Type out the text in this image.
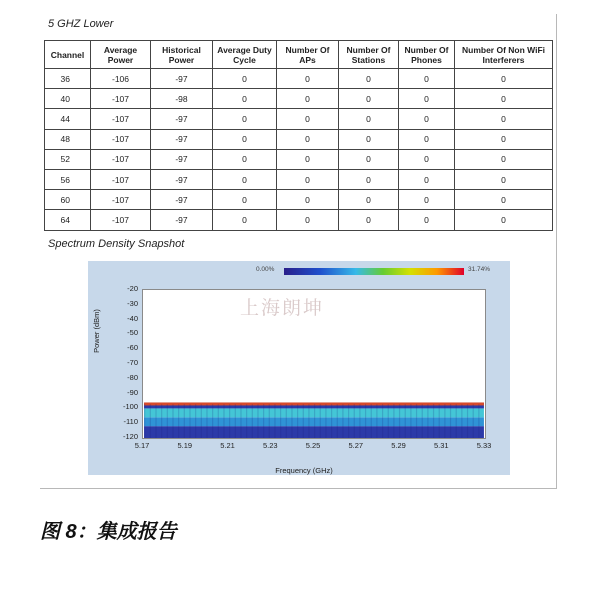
5 GHZ Lower
Channel	Average Power	Historical Power	Average Duty Cycle	Number Of APs	Number Of Stations	Number Of Phones	Number Of Non WiFi Interferers
36	-106	-97	0	0	0	0	0
40	-107	-98	0	0	0	0	0
44	-107	-97	0	0	0	0	0
48	-107	-97	0	0	0	0	0
52	-107	-97	0	0	0	0	0
56	-107	-97	0	0	0	0	0
60	-107	-97	0	0	0	0	0
64	-107	-97	0	0	0	0	0
Spectrum Density Snapshot
0.00%	31.74%
Power (dBm)
Frequency (GHz)
-20
-30
-40
-50
-60
-70
-80
-90
-100
-110
-120
5.17	5.19	5.21	5.23	5.25	5.27	5.29	5.31	5.33
上海朗坤
图 8：集成报告
